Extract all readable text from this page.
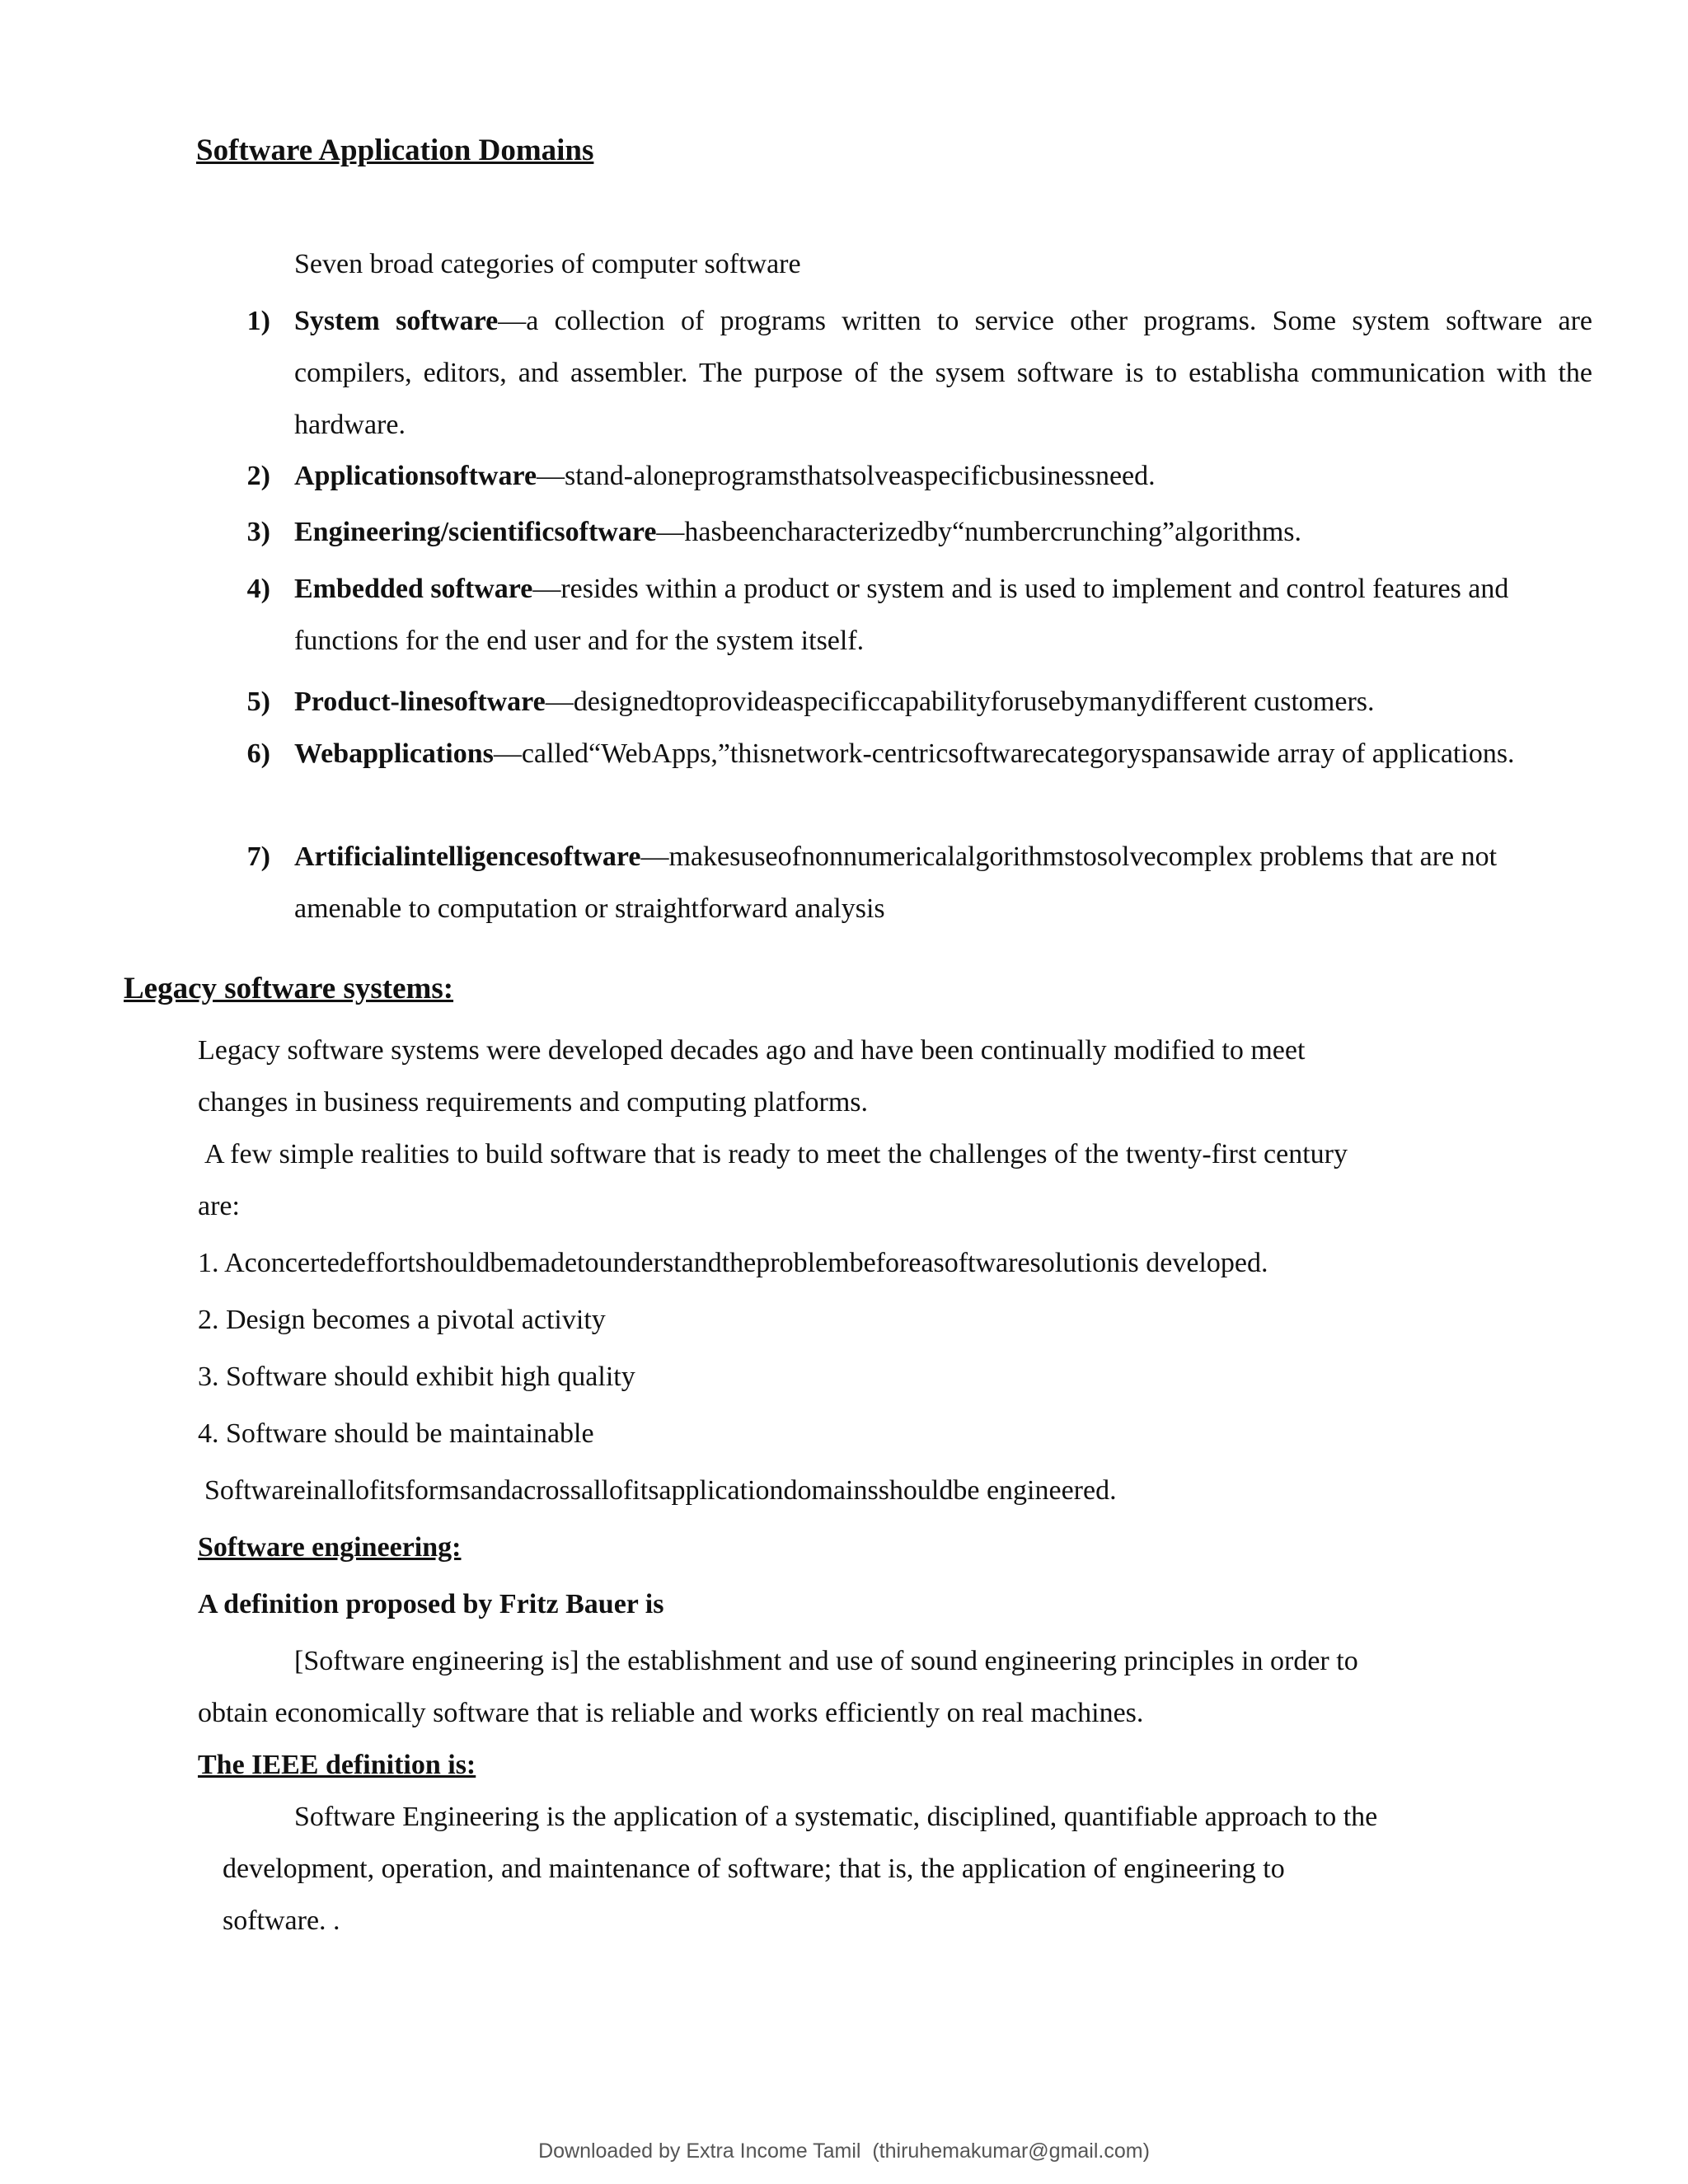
Software Application Domains

Seven broad categories of computer software

1) System software—a collection of programs written to service other programs. Some system software are compilers, editors, and assembler. The purpose of the sysem software is to establisha communication with the hardware.

2) Applicationsoftware—stand-aloneprogramsthatsolveaspecificbusinessneed.

3) Engineering/scientificsoftware—hasbeencharacterizedby“numbercrunching”algorithms.

4) Embedded software—resides within a product or system and is used to implement and control features and functions for the end user and for the system itself.

5) Product-linesoftware—designedtoprovideaspecificcapabilityforusebymanydifferent customers.

6) Webapplications—called“WebApps,”thisnetwork-centricsoftwarecategoryspansawide array of applications.

7) Artificialintelligencesoftware—makesuseofnonnumericalalgorithmstosolvecomplex problems that are not amenable to computation or straightforward analysis

Legacy software systems:

Legacy software systems were developed decades ago and have been continually modified to meet

changes in business requirements and computing platforms.

A few simple realities to build software that is ready to meet the challenges of the twenty-first century

are:

1. Aconcertedeffortshouldbemadetounderstandtheproblembeforeasoftwaresolutionis developed.

2. Design becomes a pivotal activity

3. Software should exhibit high quality

4. Software should be maintainable

Softwareinallofitsformsandacrossallofitsapplicationdomainsshouldbe engineered.

Software engineering:

A definition proposed by Fritz Bauer is

[Software engineering is] the establishment and use of sound engineering principles in order to

obtain economically software that is reliable and works efficiently on real machines.

The IEEE definition is:

Software Engineering is the application of a systematic, disciplined, quantifiable approach to the

development, operation, and maintenance of software; that is, the application of engineering to

software. .

Downloaded by Extra Income Tamil  (thiruhemakumar@gmail.com)
